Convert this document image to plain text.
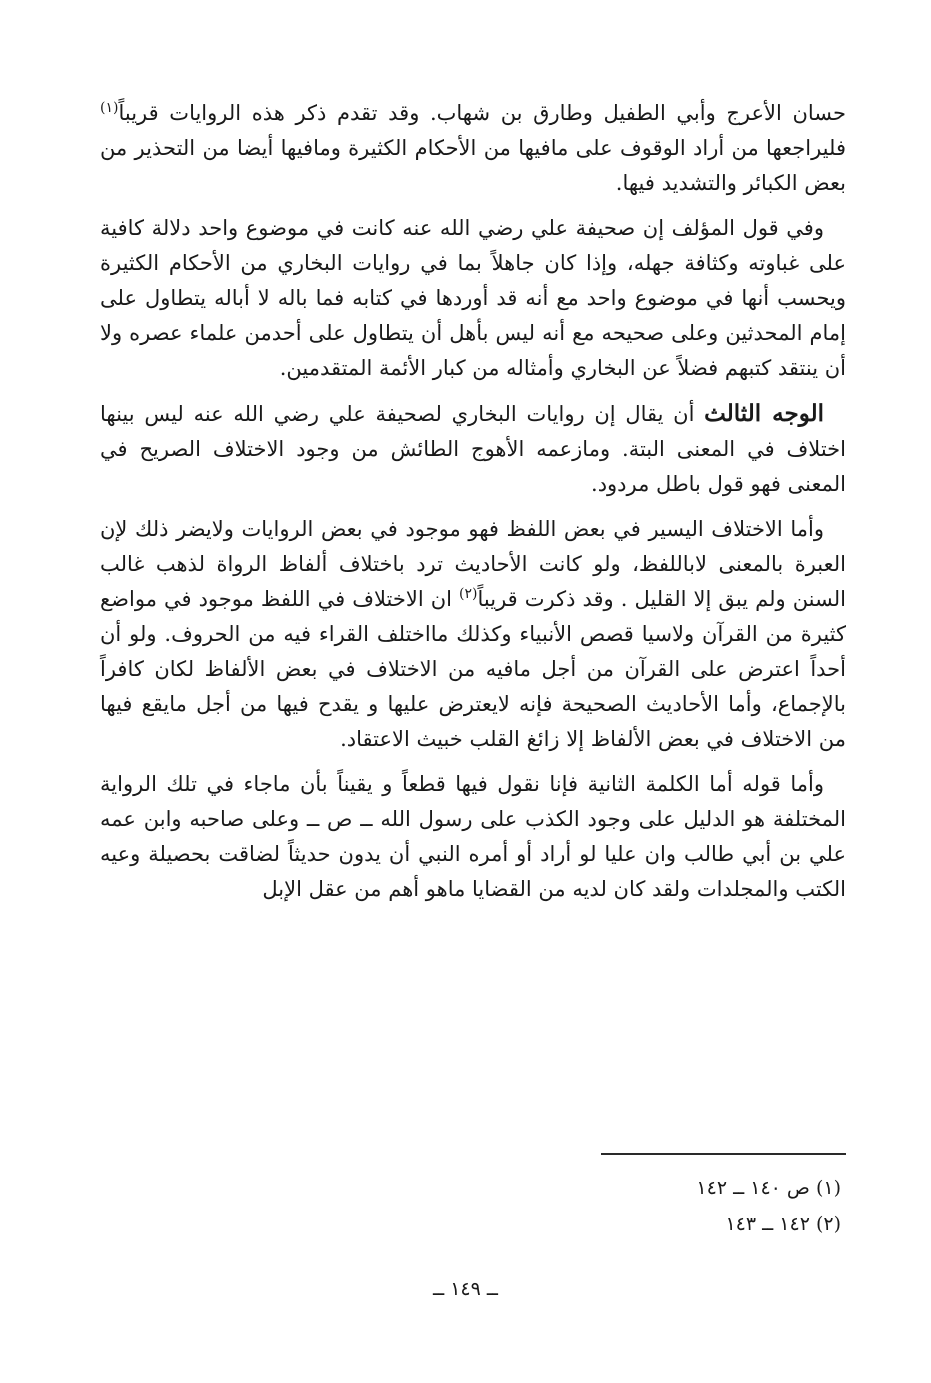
حسان الأعرج وأبي الطفيل وطارق بن شهاب. وقد تقدم ذكر هذه الروايات قريباً$^{(١)}$ فليراجعها من أراد الوقوف على مافيها من الأحكام الكثيرة ومافيها أيضا من التحذير من بعض الكبائر والتشديد فيها.

وفي قول المؤلف إن صحيفة علي رضي الله عنه كانت في موضوع واحد دلالة كافية على غباوته وكثافة جهله، وإذا كان جاهلاً بما في روايات البخاري من الأحكام الكثيرة ويحسب أنها في موضوع واحد مع أنه قد أوردها في كتابه فما باله لا أباله يتطاول على إمام المحدثين وعلى صحيحه مع أنه ليس بأهل أن يتطاول على أحدمن علماء عصره ولا أن ينتقد كتبهم فضلاً عن البخاري وأمثاله من كبار الأئمة المتقدمين.

الوجه الثالث أن يقال إن روايات البخاري لصحيفة علي رضي الله عنه ليس بينها اختلاف في المعنى البتة. ومازعمه الأهوج الطائش من وجود الاختلاف الصريح في المعنى فهو قول باطل مردود.

وأما الاختلاف اليسير في بعض اللفظ فهو موجود في بعض الروايات ولايضر ذلك لإن العبرة بالمعنى لاباللفظ، ولو كانت الأحاديث ترد باختلاف ألفاظ الرواة لذهب غالب السنن ولم يبق إلا القليل . وقد ذكرت قريباً$^{(٢)}$ ان الاختلاف في اللفظ موجود في مواضع كثيرة من القرآن ولاسيا قصص الأنبياء وكذلك مااختلف القراء فيه من الحروف. ولو أن أحداً اعترض على القرآن من أجل مافيه من الاختلاف في بعض الألفاظ لكان كافراً بالإجماع، وأما الأحاديث الصحيحة فإنه لايعترض عليها و يقدح فيها من أجل مايقع فيها من الاختلاف في بعض الألفاظ إلا زائغ القلب خبيث الاعتقاد.

وأما قوله أما الكلمة الثانية فإنا نقول فيها قطعاً و يقيناً بأن ماجاء في تلك الرواية المختلفة هو الدليل على وجود الكذب على رسول الله ــ ص ــ وعلى صاحبه وابن عمه علي بن أبي طالب وان عليا لو أراد أو أمره النبي أن يدون حديثاً لضاقت بحصيلة وعيه الكتب والمجلدات ولقد كان لديه من القضايا ماهو أهم من عقل الإبل

(١) ص ١٤٠ ــ ١٤٢

(٢) ١٤٢ ــ ١٤٣

ــ ١٤٩ ــ
